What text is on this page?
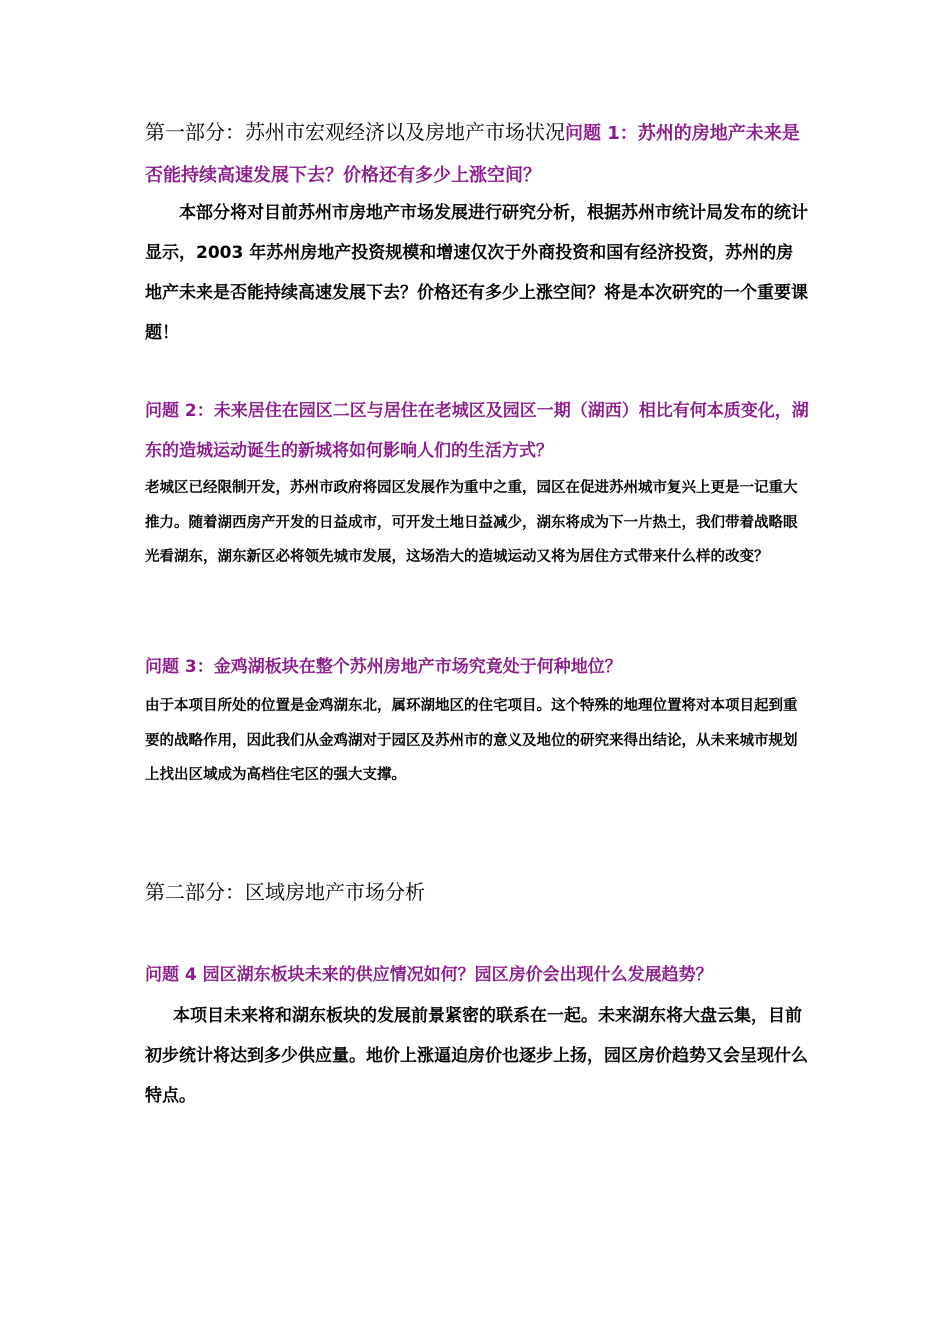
第一部分：苏州市宏观经济以及房地产市场状况问题 1：苏州的房地产未来是否能持续高速发展下去？价格还有多少上涨空间？

本部分将对目前苏州市房地产市场发展进行研究分析，根据苏州市统计局发布的统计显示，2003 年苏州房地产投资规模和增速仅次于外商投资和国有经济投资，苏州的房地产未来是否能持续高速发展下去？价格还有多少上涨空间？将是本次研究的一个重要课题！

问题 2：未来居住在园区二区与居住在老城区及园区一期（湖西）相比有何本质变化，湖东的造城运动诞生的新城将如何影响人们的生活方式？

老城区已经限制开发，苏州市政府将园区发展作为重中之重，园区在促进苏州城市复兴上更是一记重大推力。随着湖西房产开发的日益成市，可开发土地日益减少，湖东将成为下一片热土，我们带着战略眼光看湖东，湖东新区必将领先城市发展，这场浩大的造城运动又将为居住方式带来什么样的改变？

问题 3：金鸡湖板块在整个苏州房地产市场究竟处于何种地位？

由于本项目所处的位置是金鸡湖东北，属环湖地区的住宅项目。这个特殊的地理位置将对本项目起到重要的战略作用，因此我们从金鸡湖对于园区及苏州市的意义及地位的研究来得出结论，从未来城市规划上找出区域成为高档住宅区的强大支撑。

第二部分：区域房地产市场分析

问题 4 园区湖东板块未来的供应情况如何？园区房价会出现什么发展趋势？

本项目未来将和湖东板块的发展前景紧密的联系在一起。未来湖东将大盘云集，目前初步统计将达到多少供应量。地价上涨逼迫房价也逐步上扬，园区房价趋势又会呈现什么特点。
